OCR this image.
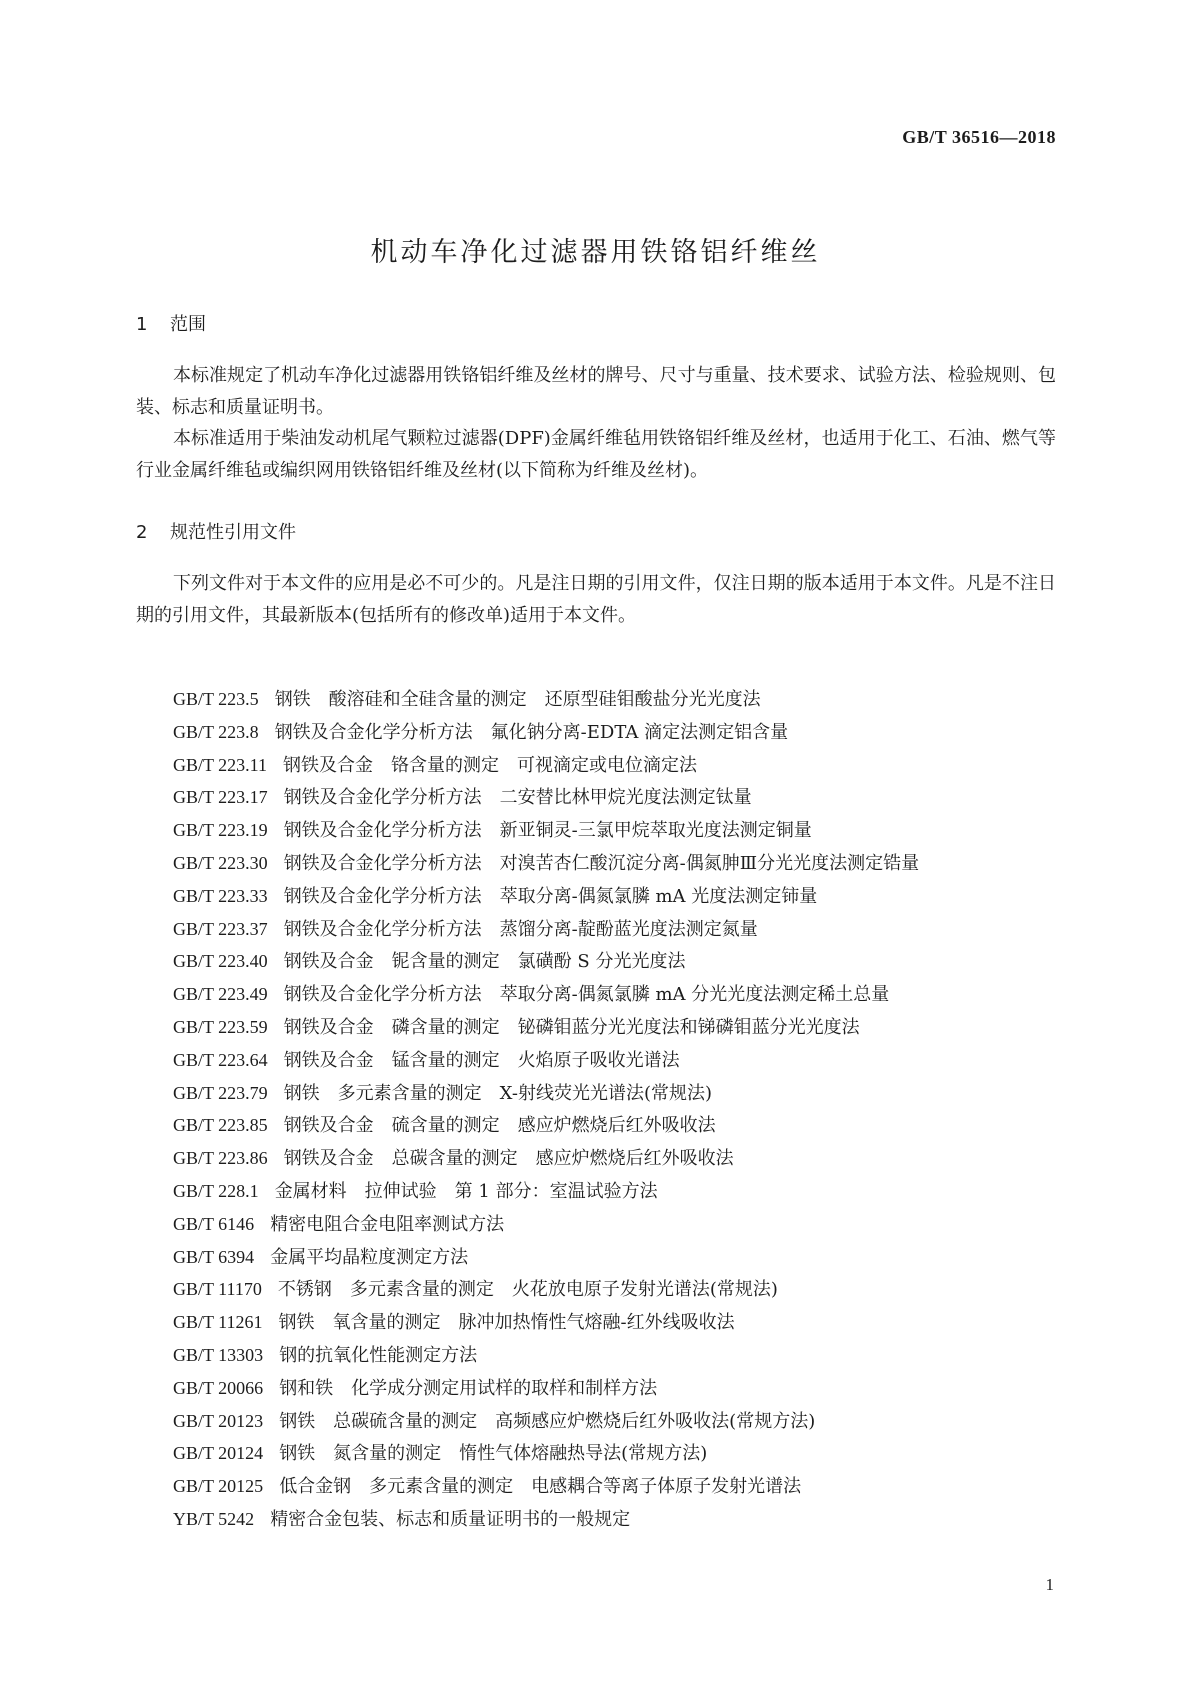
GB/T 36516—2018
机动车净化过滤器用铁铬铝纤维丝
1 范围

本标准规定了机动车净化过滤器用铁铬铝纤维及丝材的牌号、尺寸与重量、技术要求、试验方法、检验规则、包装、标志和质量证明书。

本标准适用于柴油发动机尾气颗粒过滤器(DPF)金属纤维毡用铁铬铝纤维及丝材，也适用于化工、石油、燃气等行业金属纤维毡或编织网用铁铬铝纤维及丝材(以下简称为纤维及丝材)。

2 规范性引用文件

下列文件对于本文件的应用是必不可少的。凡是注日期的引用文件，仅注日期的版本适用于本文件。凡是不注日期的引用文件，其最新版本(包括所有的修改单)适用于本文件。

GB/T 223.5 钢铁　酸溶硅和全硅含量的测定　还原型硅钼酸盐分光光度法
GB/T 223.8 钢铁及合金化学分析方法　氟化钠分离-EDTA 滴定法测定铝含量
GB/T 223.11 钢铁及合金　铬含量的测定　可视滴定或电位滴定法
GB/T 223.17 钢铁及合金化学分析方法　二安替比林甲烷光度法测定钛量
GB/T 223.19 钢铁及合金化学分析方法　新亚铜灵-三氯甲烷萃取光度法测定铜量
GB/T 223.30 钢铁及合金化学分析方法　对溴苦杏仁酸沉淀分离-偶氮胂Ⅲ分光光度法测定锆量
GB/T 223.33 钢铁及合金化学分析方法　萃取分离-偶氮氯膦 mA 光度法测定铈量
GB/T 223.37 钢铁及合金化学分析方法　蒸馏分离-靛酚蓝光度法测定氮量
GB/T 223.40 钢铁及合金　铌含量的测定　氯磺酚 S 分光光度法
GB/T 223.49 钢铁及合金化学分析方法　萃取分离-偶氮氯膦 mA 分光光度法测定稀土总量
GB/T 223.59 钢铁及合金　磷含量的测定　铋磷钼蓝分光光度法和锑磷钼蓝分光光度法
GB/T 223.64 钢铁及合金　锰含量的测定　火焰原子吸收光谱法
GB/T 223.79 钢铁　多元素含量的测定　X-射线荧光光谱法(常规法)
GB/T 223.85 钢铁及合金　硫含量的测定　感应炉燃烧后红外吸收法
GB/T 223.86 钢铁及合金　总碳含量的测定　感应炉燃烧后红外吸收法
GB/T 228.1 金属材料　拉伸试验　第 1 部分：室温试验方法
GB/T 6146 精密电阻合金电阻率测试方法
GB/T 6394 金属平均晶粒度测定方法
GB/T 11170 不锈钢　多元素含量的测定　火花放电原子发射光谱法(常规法)
GB/T 11261 钢铁　氧含量的测定　脉冲加热惰性气熔融-红外线吸收法
GB/T 13303 钢的抗氧化性能测定方法
GB/T 20066 钢和铁　化学成分测定用试样的取样和制样方法
GB/T 20123 钢铁　总碳硫含量的测定　高频感应炉燃烧后红外吸收法(常规方法)
GB/T 20124 钢铁　氮含量的测定　惰性气体熔融热导法(常规方法)
GB/T 20125 低合金钢　多元素含量的测定　电感耦合等离子体原子发射光谱法
YB/T 5242 精密合金包装、标志和质量证明书的一般规定
1
